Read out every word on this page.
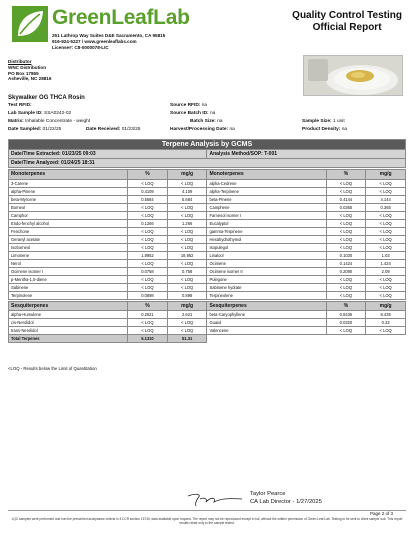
GreenLeafLab
251 Lathrop Way Suites D&E Sacramento, CA 95815
916-924-5227 / www.greenleaflabs.com
License#: C8-0000078-LIC
Quality Control Testing
Official Report
Distributor
WNC Distribution
PO Box 17865
Asheville, NC 28816
Skywalker OG THCA Rosin
Test RFID:	Source RFID: na
Lab Sample ID: SSA0242-02	Source Batch ID: na
Matrix: Inhalable Concentrate - weight	Batch Size: na	Sample Size: 1 unit
Date Sampled: 01/22/25	Date Received: 01/23/25	Harvest/Processing Date: na	Product Density: na
Terpene Analysis by GCMS					
Date/Time Extracted: 01/23/25 09:03			Analysis Method/SOP: T-001		
Date/Time Analyzed: 01/24/25 18:31					

Monoterpenes	%	mg/g	Monoterpenes	%	mg/g
3-Carene	< LOQ	< LOQ	alpha-Cedrene	< LOQ	< LOQ
alpha-Pinene	0.4109	4.109	alpha-Terpinene	< LOQ	< LOQ
beta-Myrcene	0.5684	5.684	beta-Pinene	0.4144	4.144
Borneol	< LOQ	< LOQ	Camphene	0.0365	0.365
Camphor	< LOQ	< LOQ	Farnesol isomer I	< LOQ	< LOQ
Endo-fenchyl alcohol	0.1266	1.266	Eucalyptol	< LOQ	< LOQ
Fenchone	< LOQ	< LOQ	gamma-Terpinene	< LOQ	< LOQ
Geranyl acetate	< LOQ	< LOQ	Hexahydrothymol	< LOQ	< LOQ
Isoborneol	< LOQ	< LOQ	Isopulegol	< LOQ	< LOQ
Limonene	1.8952	18.952	Linalool	0.1030	1.03
Nerol	< LOQ	< LOQ	Ocimene	0.1424	1.424
Ocimene isomer I	0.0758	0.758	Ocimene isomer II	0.2090	2.09
p-Mentha-1,5-diene	< LOQ	< LOQ	Pulegone	< LOQ	< LOQ
Sabinene	< LOQ	< LOQ	Sabinene hydrate	< LOQ	< LOQ
Terpinolene	0.0898	0.898	Terpineolene	< LOQ	< LOQ

Sesquiterpenes	%	mg/g	Sesquiterpenes	%	mg/g
alpha-Humulene	0.2621	2.621	beta-Caryophyllene	0.8435	8.435
cis-Nerolidol	< LOQ	< LOQ	Guaiol	0.0320	0.32
trans-Nerolidol	< LOQ	< LOQ	Valencene	< LOQ	< LOQ
Total Terpenes	5.1310	51.31			
<LOQ - Results below the Limit of Quantitation
Taylor Pearce
CA Lab Director - 1/27/2025
Page 2 of 3
LQC samples were performed and met the prescribed acceptance criteria in 4 CCR section 15730; data available upon request. The report may not be reproduced except in full, without the written permission of Green Leaf Lab. Testing to be sent to client sample sub. This report results relate only to the sample tested.
